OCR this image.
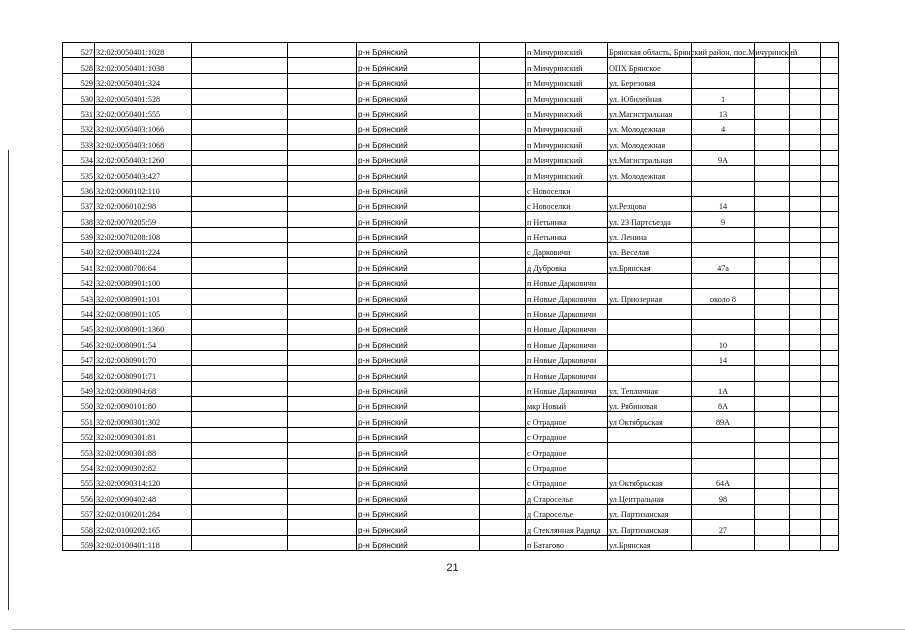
527	32:02:0050401:1028			р-н Брянский		п Мичуринский	Брянская область, Брянский район, пос.Мичуринский				
528	32:02:0050401:1038			р-н Брянский		п Мичуринский	ОПХ Брянское				
529	32:02:0050401:324			р-н Брянский		п Мичуринский	ул. Березовая				
530	32:02:0050401:528			р-н Брянский		п Мичуринский	ул. Юбилейная	1			
531	32:02:0050401:555			р-н Брянский		п Мичуринский	ул.Магистральная	13			
532	32:02:0050403:1066			р-н Брянский		п Мичуринский	ул. Молодежная	4			
533	32:02:0050403:1068			р-н Брянский		п Мичуринский	ул. Молодежная				
534	32:02:0050403:1260			р-н Брянский		п Мичуринский	ул.Магистральная	9А			
535	32:02:0050403:427			р-н Брянский		п Мичуринский	ул. Молодежная				
536	32:02:0060102:110			р-н Брянский		с Новоселки					
537	32:02:0060102:98			р-н Брянский		с Новоселки	ул.Резцова	14			
538	32:02:0070205:59			р-н Брянский		п Нетьинка	ул. 23 Партсъезда	9			
539	32:02:0070208:108			р-н Брянский		п Нетьинка	ул. Ленина				
540	32:02:0080401:224			р-н Брянский		с Дарковичи	ул. Веселая				
541	32:02:0080706:64			р-н Брянский		д Дубровка	ул.Брянская	47а			
542	32:02:0080901:100			р-н Брянский		п Новые Дарковичи					
543	32:02:0080901:101			р-н Брянский		п Новые Дарковичи	ул. Приозерная	около 8			
544	32:02:0080901:105			р-н Брянский		п Новые Дарковичи					
545	32:02:0080901:1360			р-н Брянский		п Новые Дарковичи					
546	32:02:0080901:54			р-н Брянский		п Новые Дарковичи		10			
547	32:02:0080901:70			р-н Брянский		п Новые Дарковичи		14			
548	32:02:0080901:71			р-н Брянский		п Новые Дарковичи					
549	32:02:0080904:68			р-н Брянский		п Новые Дарковичи	ул. Тепличная	1А			
550	32:02:0090101:80			р-н Брянский		мкр Новый	ул. Рябиновая	8А			
551	32:02:0090301:302			р-н Брянский		с Отрадное	ул Октябрьская	89А			
552	32:02:0090301:81			р-н Брянский		с Отрадное					
553	32:02:0090301:88			р-н Брянский		с Отрадное					
554	32:02:0090302:82			р-н Брянский		с Отрадное					
555	32:02:0090314:120			р-н Брянский		с Отрадное	ул Октябрьская	64А			
556	32:02:0090402:48			р-н Брянский		д Староселье	ул Центральная	98			
557	32:02:0100201:284			р-н Брянский		д Староселье	ул. Партизанская				
558	32:02:0100202:165			р-н Брянский		д Стеклянная Радица	ул. Партизанская	27			
559	32:02:0100401:118			р-н Брянский		п Батагово	ул.Брянская				
21
